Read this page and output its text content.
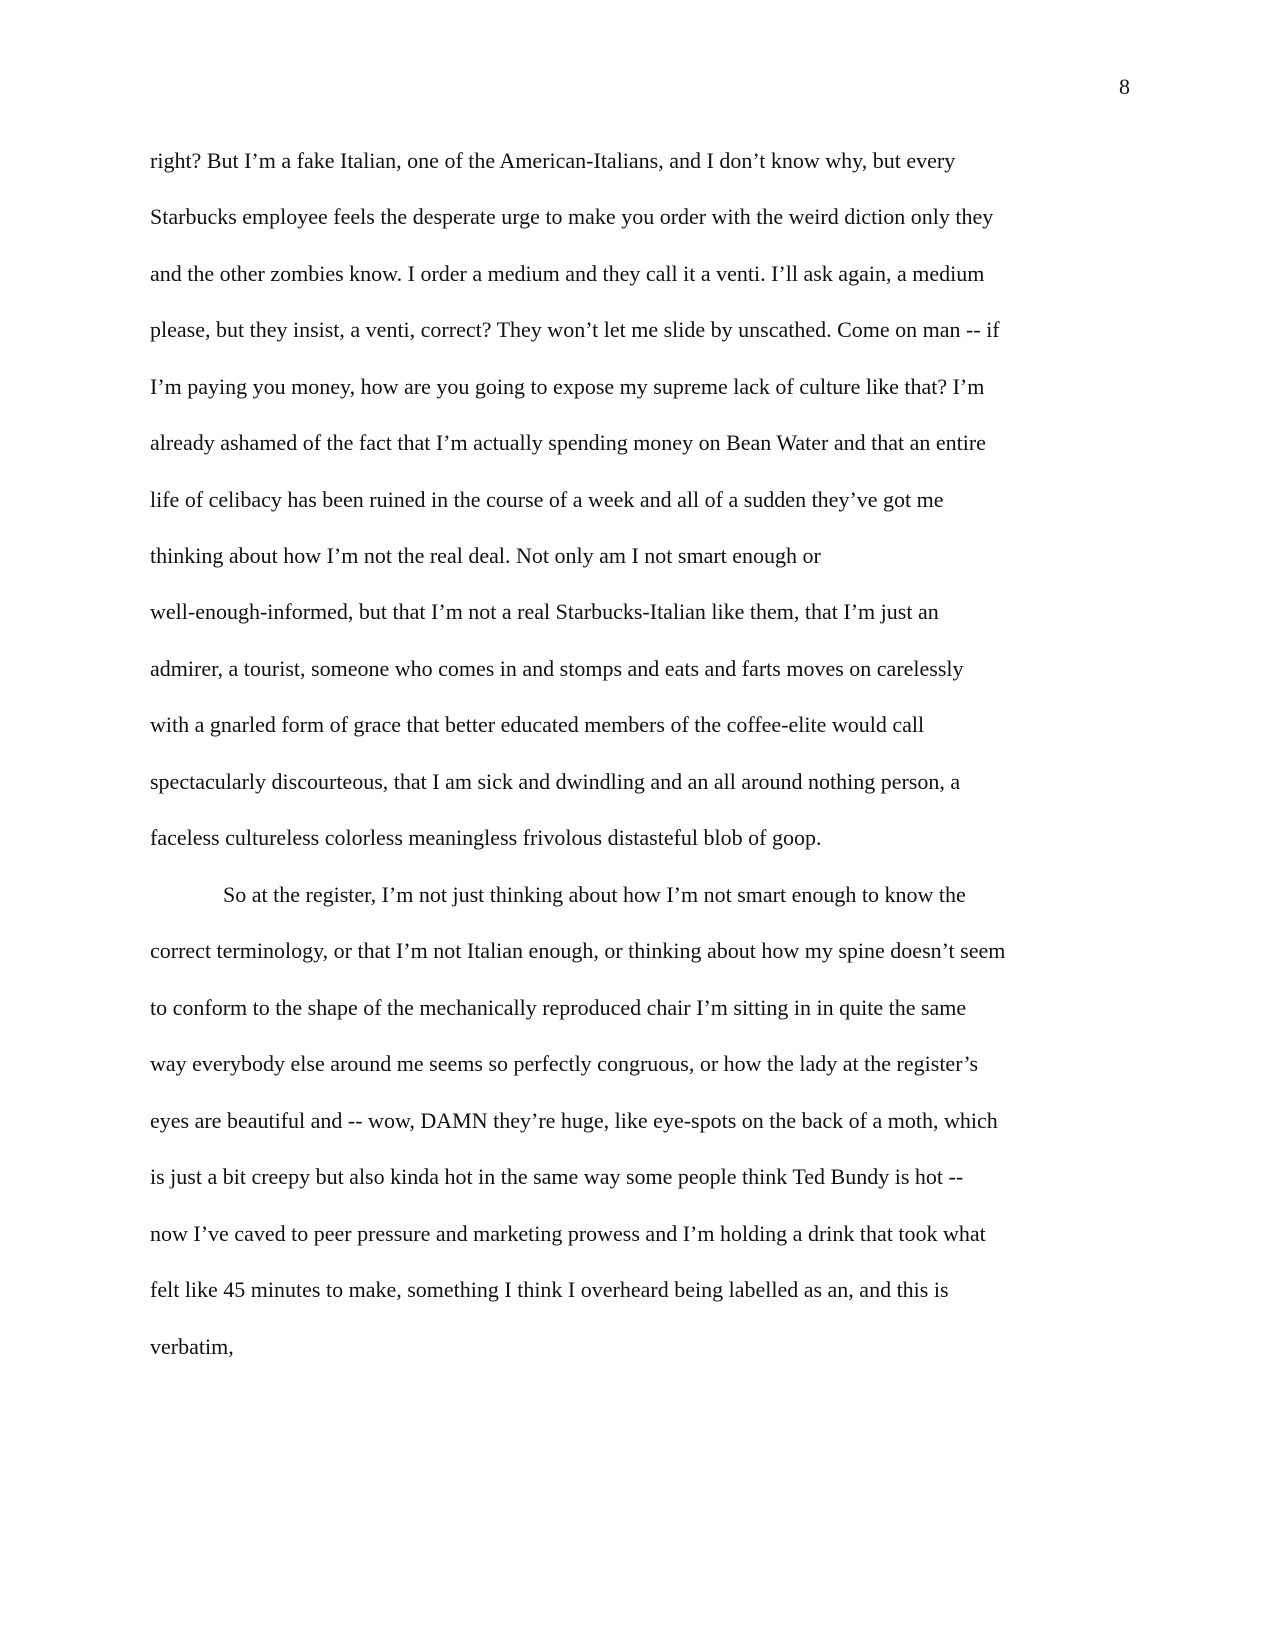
8
right? But I’m a fake Italian, one of the American-Italians, and I don’t know why, but every
Starbucks employee feels the desperate urge to make you order with the weird diction only they
and the other zombies know. I order a medium and they call it a venti. I’ll ask again, a medium
please, but they insist, a venti, correct? They won’t let me slide by unscathed. Come on man -- if
I’m paying you money, how are you going to expose my supreme lack of culture like that? I’m
already ashamed of the fact that I’m actually spending money on Bean Water and that an entire
life of celibacy has been ruined in the course of a week and all of a sudden they’ve got me
thinking about how I’m not the real deal. Not only am I not smart enough or
well-enough-informed, but that I’m not a real Starbucks-Italian like them, that I’m just an
admirer, a tourist, someone who comes in and stomps and eats and farts moves on carelessly
with a gnarled form of grace that better educated members of the coffee-elite would call
spectacularly discourteous, that I am sick and dwindling and an all around nothing person, a
faceless cultureless colorless meaningless frivolous distasteful blob of goop.
So at the register, I’m not just thinking about how I’m not smart enough to know the
correct terminology, or that I’m not Italian enough, or thinking about how my spine doesn’t seem
to conform to the shape of the mechanically reproduced chair I’m sitting in in quite the same
way everybody else around me seems so perfectly congruous, or how the lady at the register’s
eyes are beautiful and -- wow, DAMN they’re huge, like eye-spots on the back of a moth, which
is just a bit creepy but also kinda hot in the same way some people think Ted Bundy is hot --
now I’ve caved to peer pressure and marketing prowess and I’m holding a drink that took what
felt like 45 minutes to make, something I think I overheard being labelled as an, and this is
verbatim,
